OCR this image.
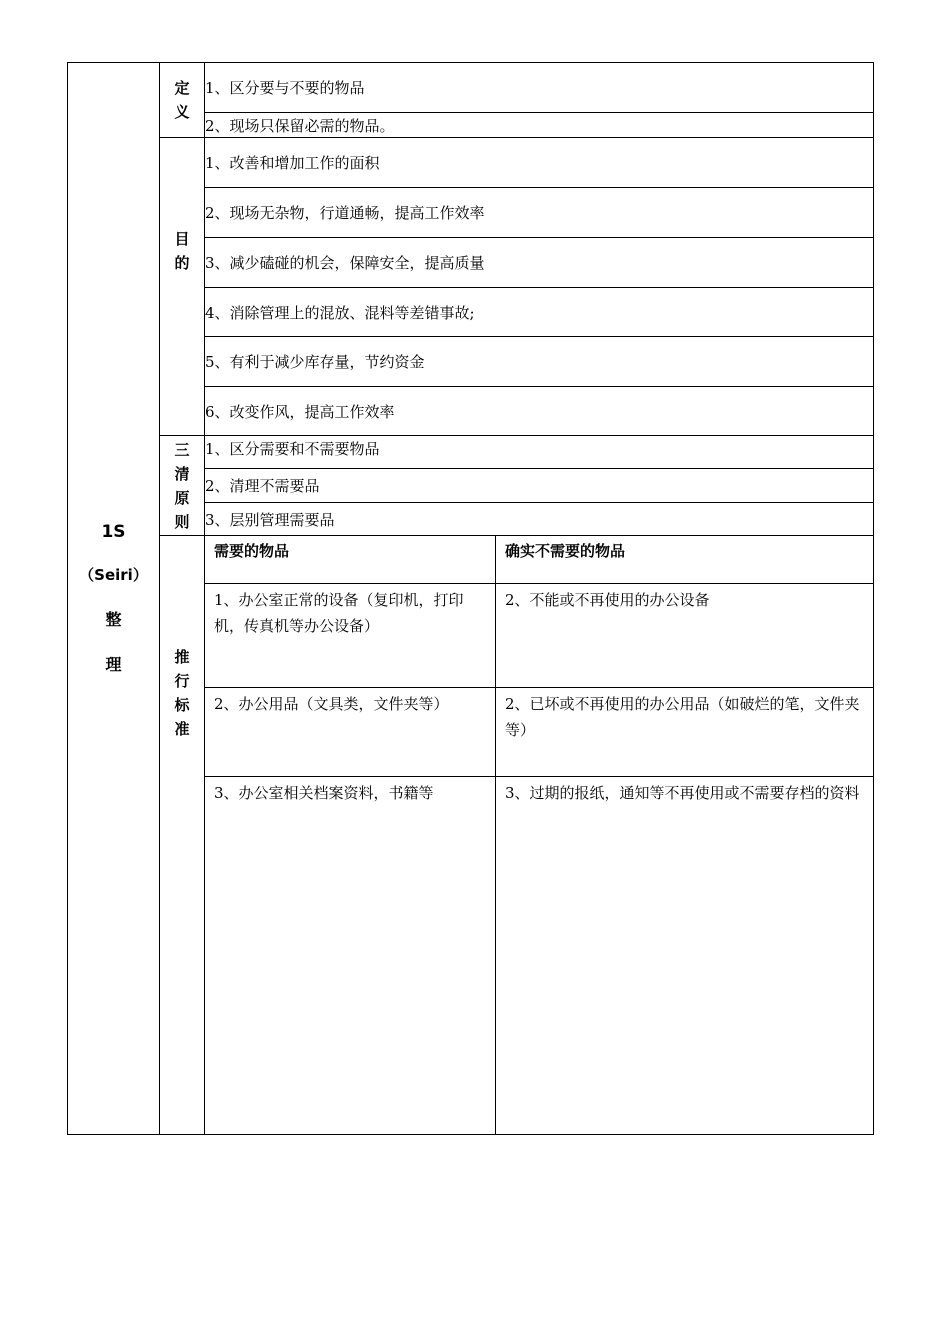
1S
（Seiri）
整
理	定
义	1、区分要与不要的物品	
		2、现场只保留必需的物品。	

	目
的	1、改善和增加工作的面积	
		2、现场无杂物，行道通畅，提高工作效率	
		3、减少磕碰的机会，保障安全，提高质量	
		4、消除管理上的混放、混料等差错事故;	
		5、有利于减少库存量，节约资金	
		6、改变作风，提高工作效率	

	三
清
原
则	1、区分需要和不需要物品	
		2、清理不需要品	
		3、层别管理需要品	

	推
行
标
准	需要的物品	确实不需要的物品
		1、办公室正常的设备（复印机，打印机，传真机等办公设备）	2、不能或不再使用的办公设备
		2、办公用品（文具类，文件夹等）	2、已坏或不再使用的办公用品（如破烂的笔，文件夹等）
		3、办公室相关档案资料，书籍等	3、过期的报纸，通知等不再使用或不需要存档的资料
